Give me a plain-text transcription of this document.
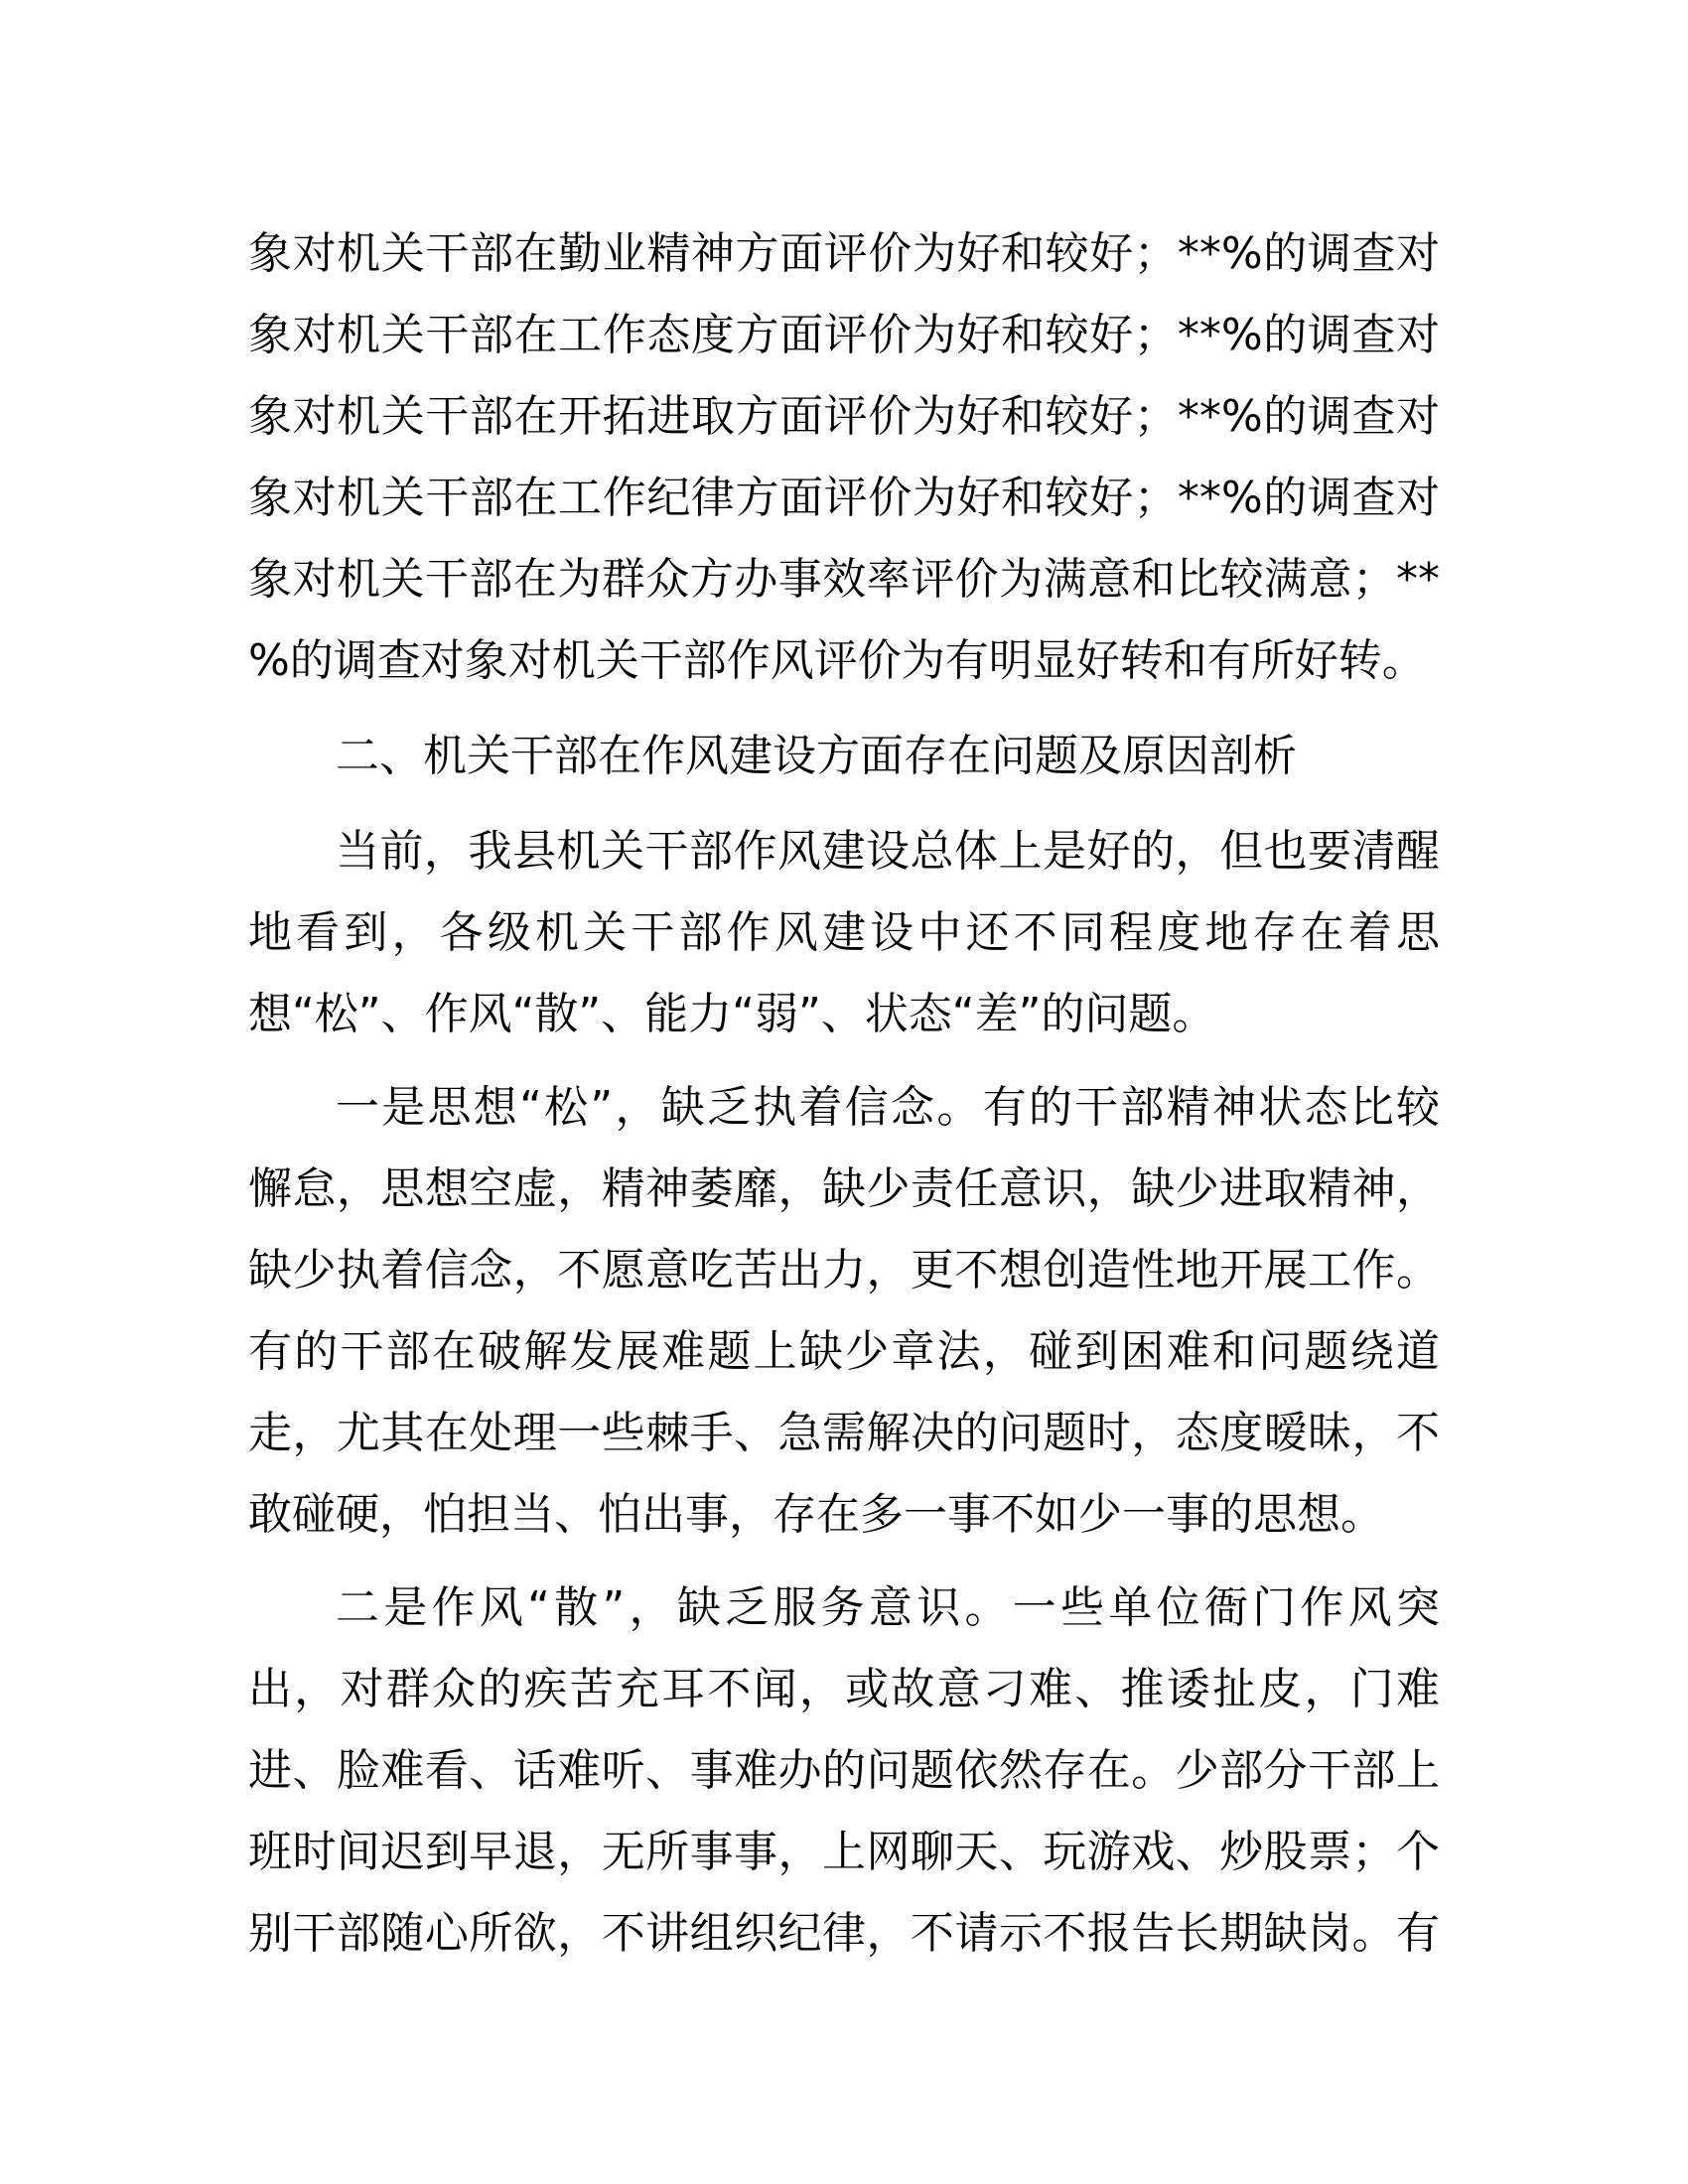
象对机关干部在勤业精神方面评价为好和较好；**%的调查对
象对机关干部在工作态度方面评价为好和较好；**%的调查对
象对机关干部在开拓进取方面评价为好和较好；**%的调查对
象对机关干部在工作纪律方面评价为好和较好；**%的调查对
象对机关干部在为群众方办事效率评价为满意和比较满意；**
%的调查对象对机关干部作风评价为有明显好转和有所好转。
二、机关干部在作风建设方面存在问题及原因剖析
当前，我县机关干部作风建设总体上是好的，但也要清醒
地看到，各级机关干部作风建设中还不同程度地存在着思
想“松”、作风“散”、能力“弱”、状态“差”的问题。
一是思想“松”，缺乏执着信念。有的干部精神状态比较
懈怠，思想空虚，精神萎靡，缺少责任意识，缺少进取精神，
缺少执着信念，不愿意吃苦出力，更不想创造性地开展工作。
有的干部在破解发展难题上缺少章法，碰到困难和问题绕道
走，尤其在处理一些棘手、急需解决的问题时，态度暧昧，不
敢碰硬，怕担当、怕出事，存在多一事不如少一事的思想。
二是作风“散”，缺乏服务意识。一些单位衙门作风突
出，对群众的疾苦充耳不闻，或故意刁难、推诿扯皮，门难
进、脸难看、话难听、事难办的问题依然存在。少部分干部上
班时间迟到早退，无所事事，上网聊天、玩游戏、炒股票；个
别干部随心所欲，不讲组织纪律，不请示不报告长期缺岗。有
